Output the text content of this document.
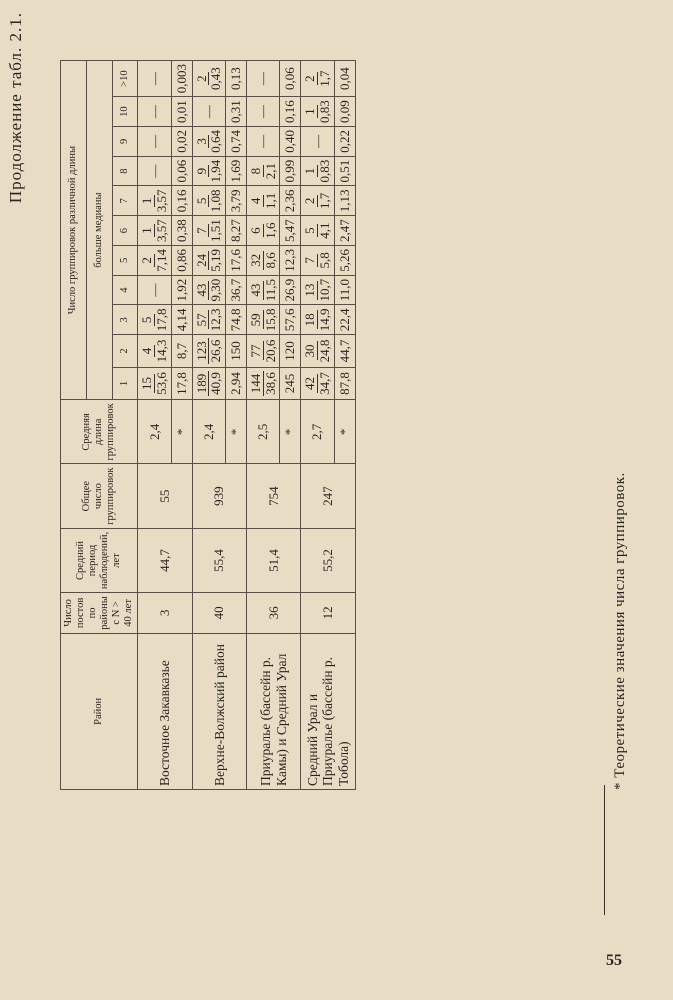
Продолжение табл. 2.1.
Район	Число постов по районы с N > 40 лет	Средний период наблюдений, лет	Общее число группировок	Средняя длина группировок	Число группировок различной длины										
					больше медианы										
					1	2	3	4	5	6	7	8	9	10	>10
Восточное Закавказье	3	44,7	55	2,4	15 53,6	4 14,3	5 17,8	—	2 7,14	1 3,57	1 3,57	—	—	—	—

				*	17,8	8,7	4,14	1,92	0,86	0,38	0,16	0,06	0,02	0,01	0,003
Верхне-Волжский район	40	55,4	939	2,4	189 40,9	123 26,6	57 12,3	43 9,30	24 5,19	7 1,51	5 1,08	9 1,94	3 0,64	—	2 0,43

				*	2,94	150	74,8	36,7	17,6	8,27	3,79	1,69	0,74	0,31	0,13
Приуралье (бассейн р. Камы) и Средний Урал	36	51,4	754	2,5	144 38,6	77 20,6	59 15,8	43 11,5	32 8,6	6 1,6	4 1,1	8 2,1	—	—	—

				*	245	120	57,6	26,9	12,3	5,47	2,36	0,99	0,40	0,16	0,06
Средний Урал и Приуралье (бассейн р. Тобола)	12	55,2	247	2,7	42 34,7	30 24,8	18 14,9	13 10,7	7 5,8	5 4,1	2 1,7	1 0,83	—	1 0,83	2 1,7

				*	87,8	44,7	22,4	11,0	5,26	2,47	1,13	0,51	0,22	0,09	0,04
* Теоретические значения числа группировок.
55
